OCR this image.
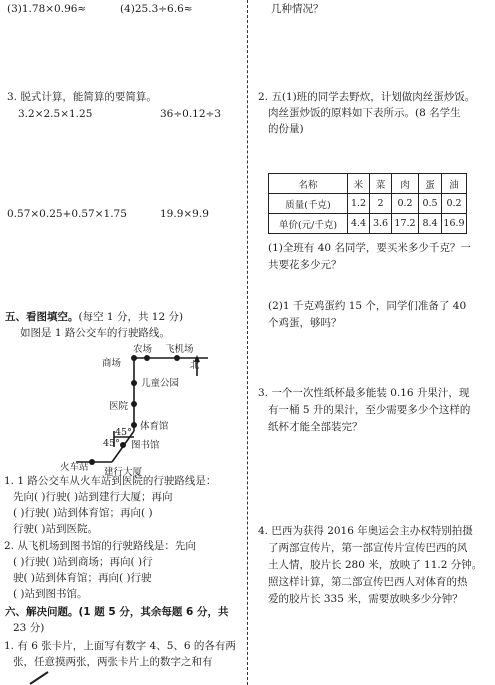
(3)1.78×0.96≈	(4)25.3÷6.6≈
3. 脱式计算，能简算的要简算。
3.2×2.5×1.25	36÷0.12÷3
0.57×0.25+0.57×1.75	19.9×9.9
五、看图填空。(每空 1 分，共 12 分)
如图是 1 路公交车的行驶路线。
商场
农场 飞机场
北
儿童公园
医院
体育馆
图书馆
火车站 建行大厦
45°
45°
1. 1 路公交车从火车站到医院的行驶路线是：
先向( )行驶( )站到建行大厦；再向
( )行驶( )站到体育馆；再向( )
行驶( )站到医院。
2. 从飞机场到图书馆的行驶路线是：先向
( )行驶( )站到商场；再向( )行
驶( )站到体育馆；再向( )行驶
( )站到图书馆。
六、解决问题。(1 题 5 分，其余每题 6 分，共
23 分)
1. 有 6 张卡片，上面写有数字 4、5、6 的各有两
张，任意摸两张，两张卡片上的数字之和有
几种情况？
2. 五(1)班的同学去野炊，计划做肉丝蛋炒饭。
肉丝蛋炒饭的原料如下表所示。(8 名学生
的份量)
名称	米	菜	肉	蛋	油
质量(千克)	1.2	2	0.2	0.5	0.2
单价(元/千克)	4.4	3.6	17.2	8.4	16.9
(1)全班有 40 名同学，要买米多少千克？一
共要花多少元？
(2)1 千克鸡蛋约 15 个，同学们准备了 40
个鸡蛋，够吗？
3. 一个一次性纸杯最多能装 0.16 升果汁，现
有一桶 5 升的果汁，至少需要多少个这样的
纸杯才能全部装完？
4. 巴西为获得 2016 年奥运会主办权特别拍摄
了两部宣传片，第一部宣传片宣传巴西的风
土人情，胶片长 280 米，放映了 11.2 分钟。
照这样计算，第二部宣传巴西人对体育的热
爱的胶片长 335 米，需要放映多少分钟？
